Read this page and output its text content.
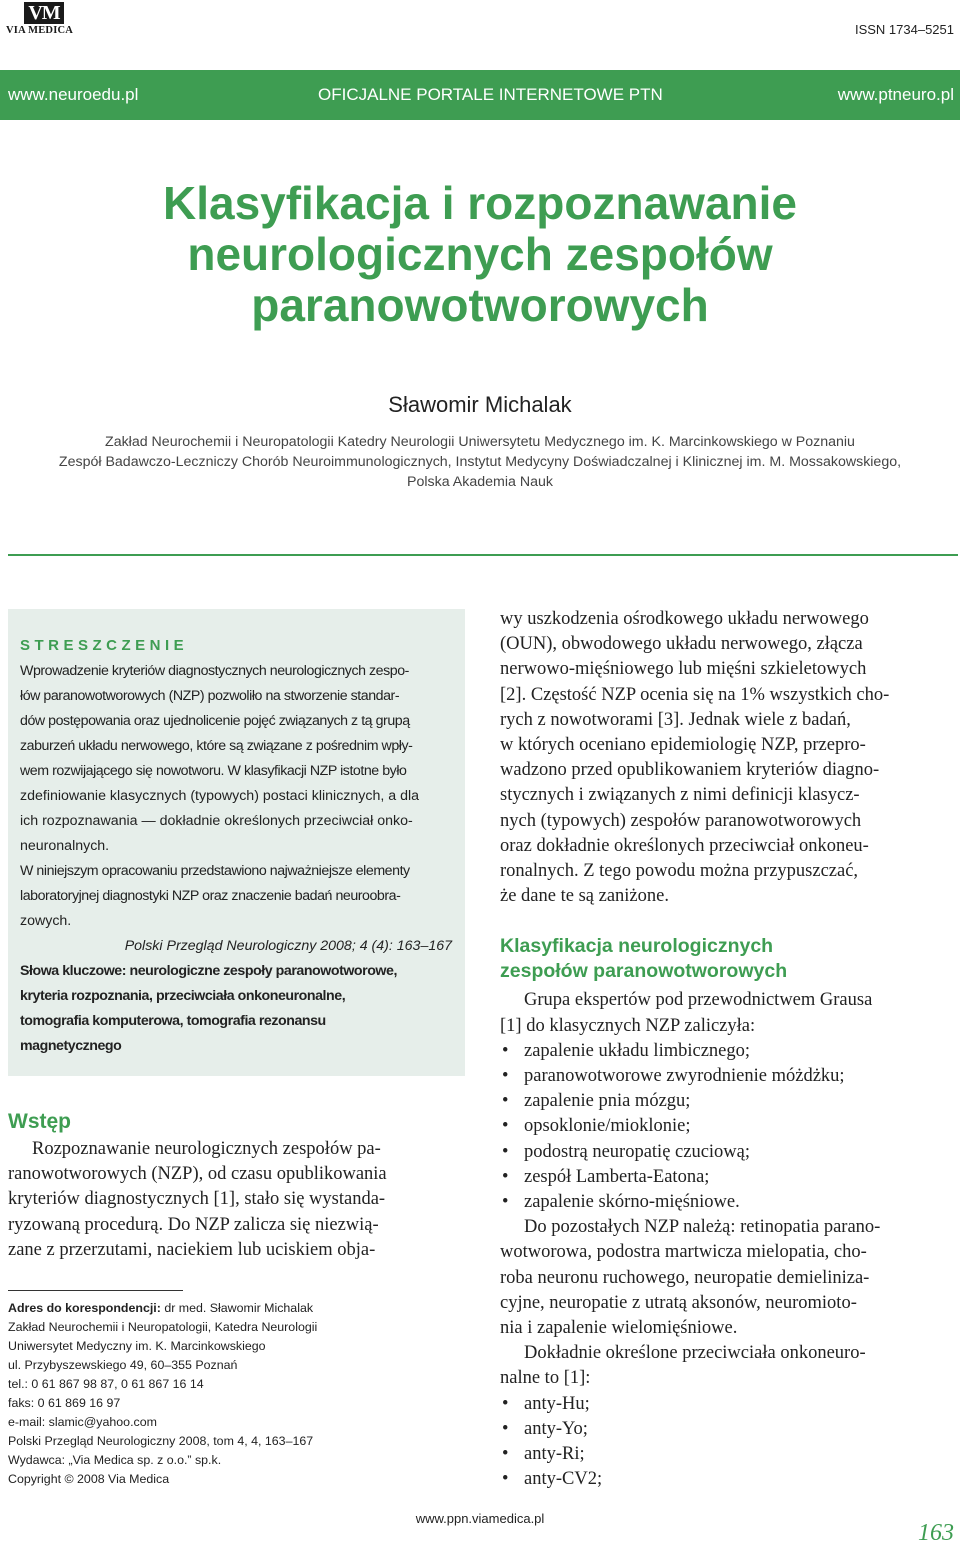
VM
VIA MEDICA	ISSN 1734–5251
www.neuroedu.pl	OFICJALNE PORTALE INTERNETOWE PTN	www.ptneuro.pl
Klasyfikacja i rozpoznawanie
neurologicznych zespołów
paranowotworowych
Sławomir Michalak
Zakład Neurochemii i Neuropatologii Katedry Neurologii Uniwersytetu Medycznego im. K. Marcinkowskiego w Poznaniu
Zespół Badawczo-Leczniczy Chorób Neuroimmunologicznych, Instytut Medycyny Doświadczalnej i Klinicznej im. M. Mossakowskiego,
Polska Akademia Nauk
STRESZCZENIE
Wprowadzenie kryteriów diagnostycznych neurologicznych zespo-
łów paranowotworowych (NZP) pozwoliło na stworzenie standar-
dów postępowania oraz ujednolicenie pojęć związanych z tą grupą
zaburzeń układu nerwowego, które są związane z pośrednim wpły-
wem rozwijającego się nowotworu. W klasyfikacji NZP istotne było
zdefiniowanie klasycznych (typowych) postaci klinicznych, a dla
ich rozpoznawania — dokładnie określonych przeciwciał onko-
neuronalnych.
W niniejszym opracowaniu przedstawiono najważniejsze elementy
laboratoryjnej diagnostyki NZP oraz znaczenie badań neuroobra-
zowych.
Polski Przegląd Neurologiczny 2008; 4 (4): 163–167
Słowa kluczowe: neurologiczne zespoły paranowotworowe,
kryteria rozpoznania, przeciwciała onkoneuronalne,
tomografia komputerowa, tomografia rezonansu
magnetycznego
Wstęp
Rozpoznawanie neurologicznych zespołów pa-
ranowotworowych (NZP), od czasu opublikowania
kryteriów diagnostycznych [1], stało się wystanda-
ryzowaną procedurą. Do NZP zalicza się niezwią-
zane z przerzutami, naciekiem lub uciskiem obja-
Adres do korespondencji: dr med. Sławomir Michalak
Zakład Neurochemii i Neuropatologii, Katedra Neurologii
Uniwersytet Medyczny im. K. Marcinkowskiego
ul. Przybyszewskiego 49, 60–355 Poznań
tel.: 0 61 867 98 87, 0 61 867 16 14
faks: 0 61 869 16 97
e-mail: slamic@yahoo.com
Polski Przegląd Neurologiczny 2008, tom 4, 4, 163–167
Wydawca: „Via Medica sp. z o.o.” sp.k.
Copyright © 2008 Via Medica
wy uszkodzenia ośrodkowego układu nerwowego
(OUN), obwodowego układu nerwowego, złącza
nerwowo-mięśniowego lub mięśni szkieletowych
[2]. Częstość NZP ocenia się na 1% wszystkich cho-
rych z nowotworami [3]. Jednak wiele z badań,
w których oceniano epidemiologię NZP, przepro-
wadzono przed opublikowaniem kryteriów diagno-
stycznych i związanych z nimi definicji klasycz-
nych (typowych) zespołów paranowotworowych
oraz dokładnie określonych przeciwciał onkoneu-
ronalnych. Z tego powodu można przypuszczać,
że dane te są zaniżone.
Klasyfikacja neurologicznych
zespołów paranowotworowych
Grupa ekspertów pod przewodnictwem Grausa
[1] do klasycznych NZP zaliczyła:
• zapalenie układu limbicznego;
• paranowotworowe zwyrodnienie móżdżku;
• zapalenie pnia mózgu;
• opsoklonie/mioklonie;
• podostrą neuropatię czuciową;
• zespół Lamberta-Eatona;
• zapalenie skórno-mięśniowe.
Do pozostałych NZP należą: retinopatia parano-
wotworowa, podostra martwicza mielopatia, cho-
roba neuronu ruchowego, neuropatie demieliniza-
cyjne, neuropatie z utratą aksonów, neuromioto-
nia i zapalenie wielomięśniowe.
Dokładnie określone przeciwciała onkoneuro-
nalne to [1]:
• anty-Hu;
• anty-Yo;
• anty-Ri;
• anty-CV2;
www.ppn.viamedica.pl
163
